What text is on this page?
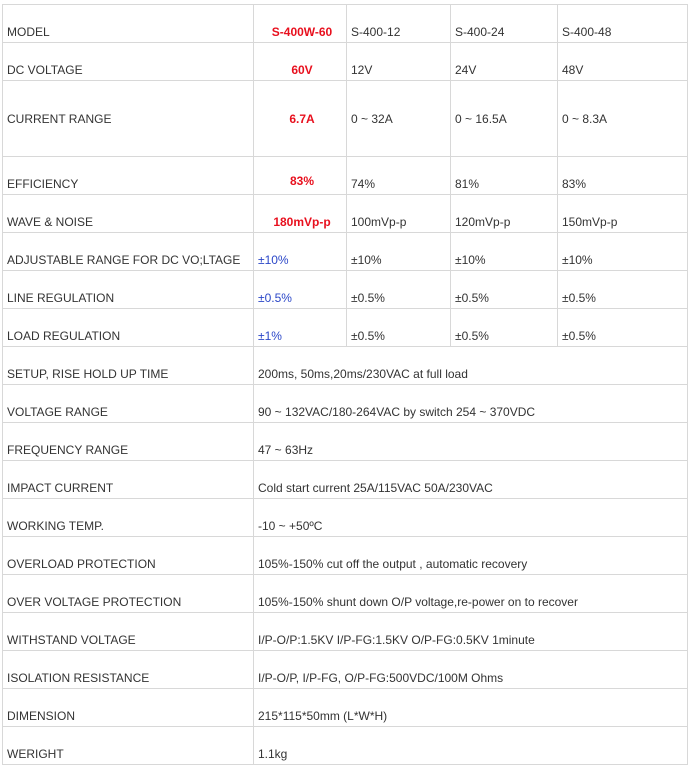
MODEL	S-400W-60	S-400-12	S-400-24	S-400-48
DC VOLTAGE	60V	12V	24V	48V
CURRENT RANGE	6.7A	0 ~ 32A	0 ~ 16.5A	0 ~ 8.3A
EFFICIENCY	83%	74%	81%	83%
WAVE & NOISE	180mVp-p	100mVp-p	120mVp-p	150mVp-p
ADJUSTABLE RANGE FOR DC VO;LTAGE	±10%	±10%	±10%	±10%
LINE REGULATION	±0.5%	±0.5%	±0.5%	±0.5%
LOAD REGULATION	±1%	±0.5%	±0.5%	±0.5%
SETUP, RISE HOLD UP TIME	200ms, 50ms,20ms/230VAC at full load			
VOLTAGE RANGE	90 ~ 132VAC/180-264VAC by switch 254 ~ 370VDC			
FREQUENCY RANGE	47 ~ 63Hz			
IMPACT CURRENT	Cold start current 25A/115VAC 50A/230VAC			
WORKING TEMP.	-10 ~ +50ºC			
OVERLOAD PROTECTION	105%-150% cut off the output , automatic recovery			
OVER VOLTAGE PROTECTION	105%-150% shunt down O/P voltage,re-power on to recover			
WITHSTAND VOLTAGE	I/P-O/P:1.5KV I/P-FG:1.5KV O/P-FG:0.5KV 1minute			
ISOLATION RESISTANCE	I/P-O/P, I/P-FG, O/P-FG:500VDC/100M Ohms			
DIMENSION	215*115*50mm (L*W*H)			
WERIGHT	1.1kg			
